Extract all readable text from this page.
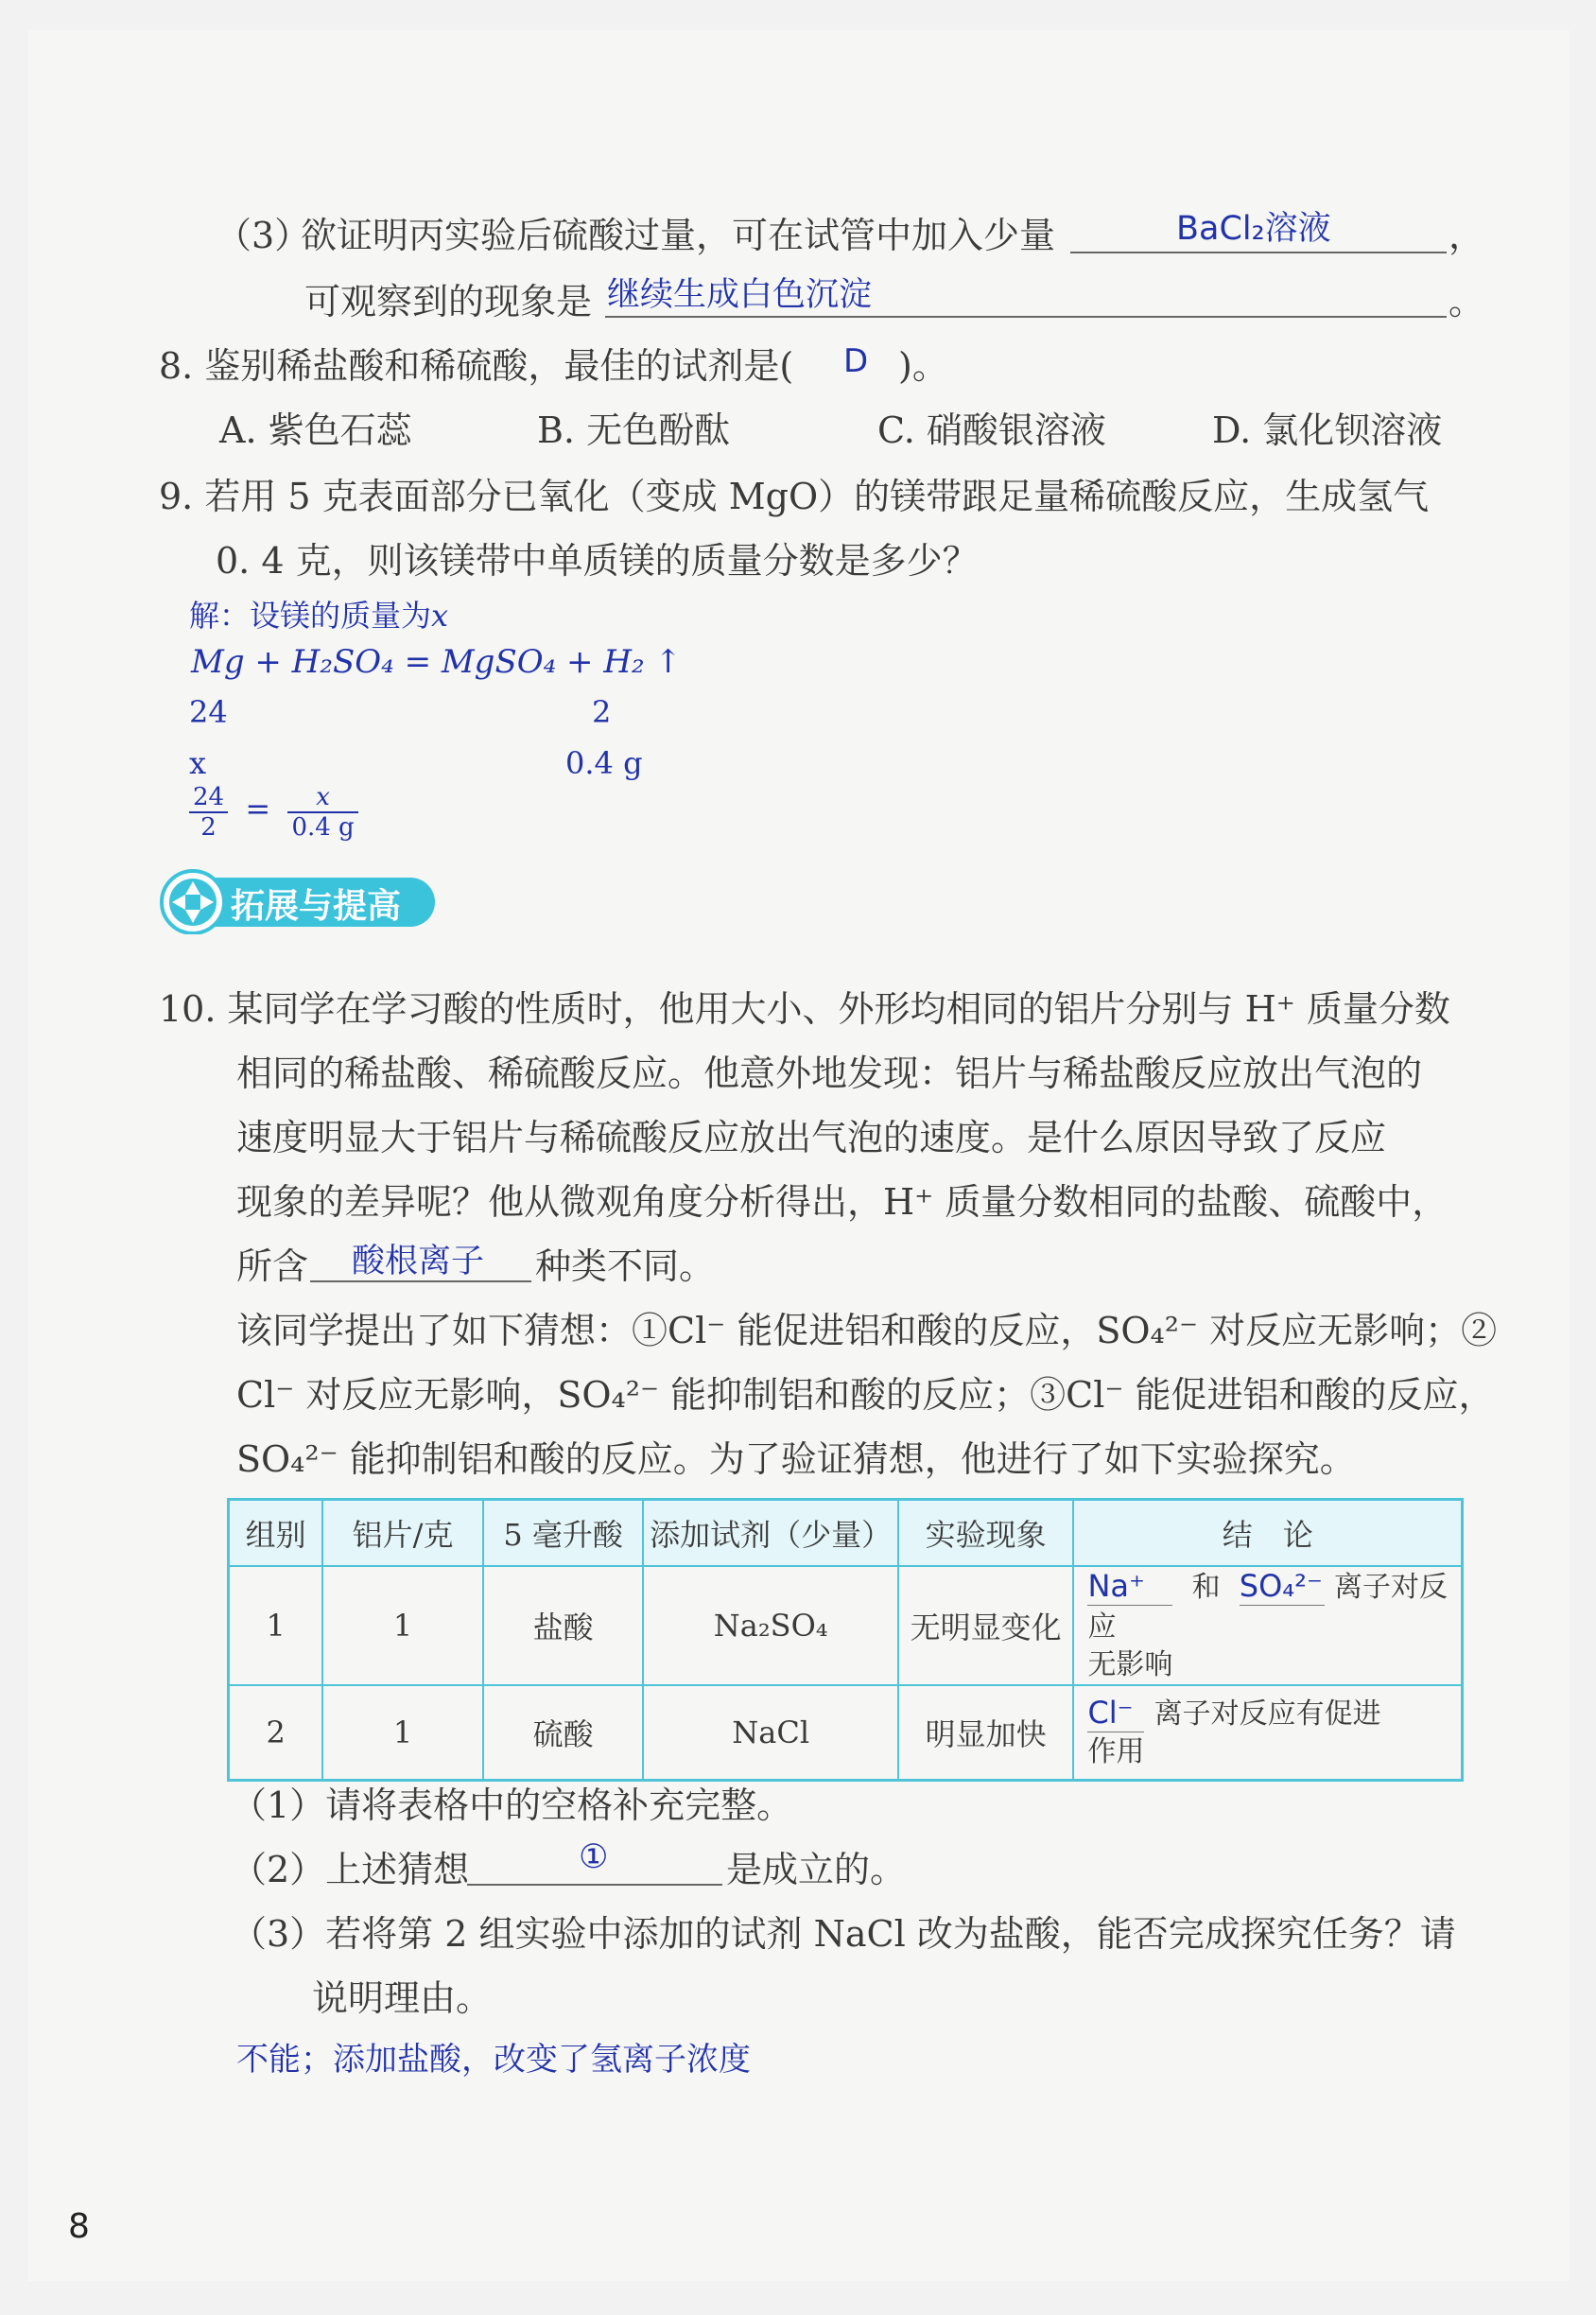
（3）
欲证明丙实验后硫酸过量，可在试管中加入少量	BaCl₂溶液	，
可观察到的现象是 继续生成白色沉淀	。
8. 鉴别稀盐酸和稀硫酸，最佳的试剂是( D )。
A. 紫色石蕊	B. 无色酚酞	C. 硝酸银溶液	D. 氯化钡溶液
9. 若用 5 克表面部分已氧化（变成 MgO）的镁带跟足量稀硫酸反应，生成氢气
0. 4 克，则该镁带中单质镁的质量分数是多少？
解：设镁的质量为x
Mg + H₂SO₄ = MgSO₄ + H₂ ↑
24	2
x	0.4 g
$\frac{24}{2} = \frac{x}{0.4 g}$
拓展与提高
10. 某同学在学习酸的性质时，他用大小、外形均相同的铝片分别与 H⁺ 质量分数
相同的稀盐酸、稀硫酸反应。他意外地发现：铝片与稀盐酸反应放出气泡的
速度明显大于铝片与稀硫酸反应放出气泡的速度。是什么原因导致了反应
现象的差异呢？他从微观角度分析得出，H⁺ 质量分数相同的盐酸、硫酸中，
所含 酸根离子 种类不同。
该同学提出了如下猜想：①Cl⁻ 能促进铝和酸的反应，SO₄²⁻ 对反应无影响；②
Cl⁻ 对反应无影响，SO₄²⁻ 能抑制铝和酸的反应；③Cl⁻ 能促进铝和酸的反应，
SO₄²⁻ 能抑制铝和酸的反应。为了验证猜想，他进行了如下实验探究。
组别	铝片/克	5 毫升酸	添加试剂（少量）	实验现象	结　论
1	1	盐酸	Na₂SO₄	无明显变化	Na⁺ 和 SO₄²⁻ 离子对反应
无影响

2	1	硫酸	NaCl	明显加快	Cl⁻ 离子对反应有促进
作用
（1）请将表格中的空格补充完整。
（2）上述猜想	①	是成立的。
（3）若将第 2 组实验中添加的试剂 NaCl 改为盐酸，能否完成探究任务？请
说明理由。
不能；添加盐酸，改变了氢离子浓度
8
